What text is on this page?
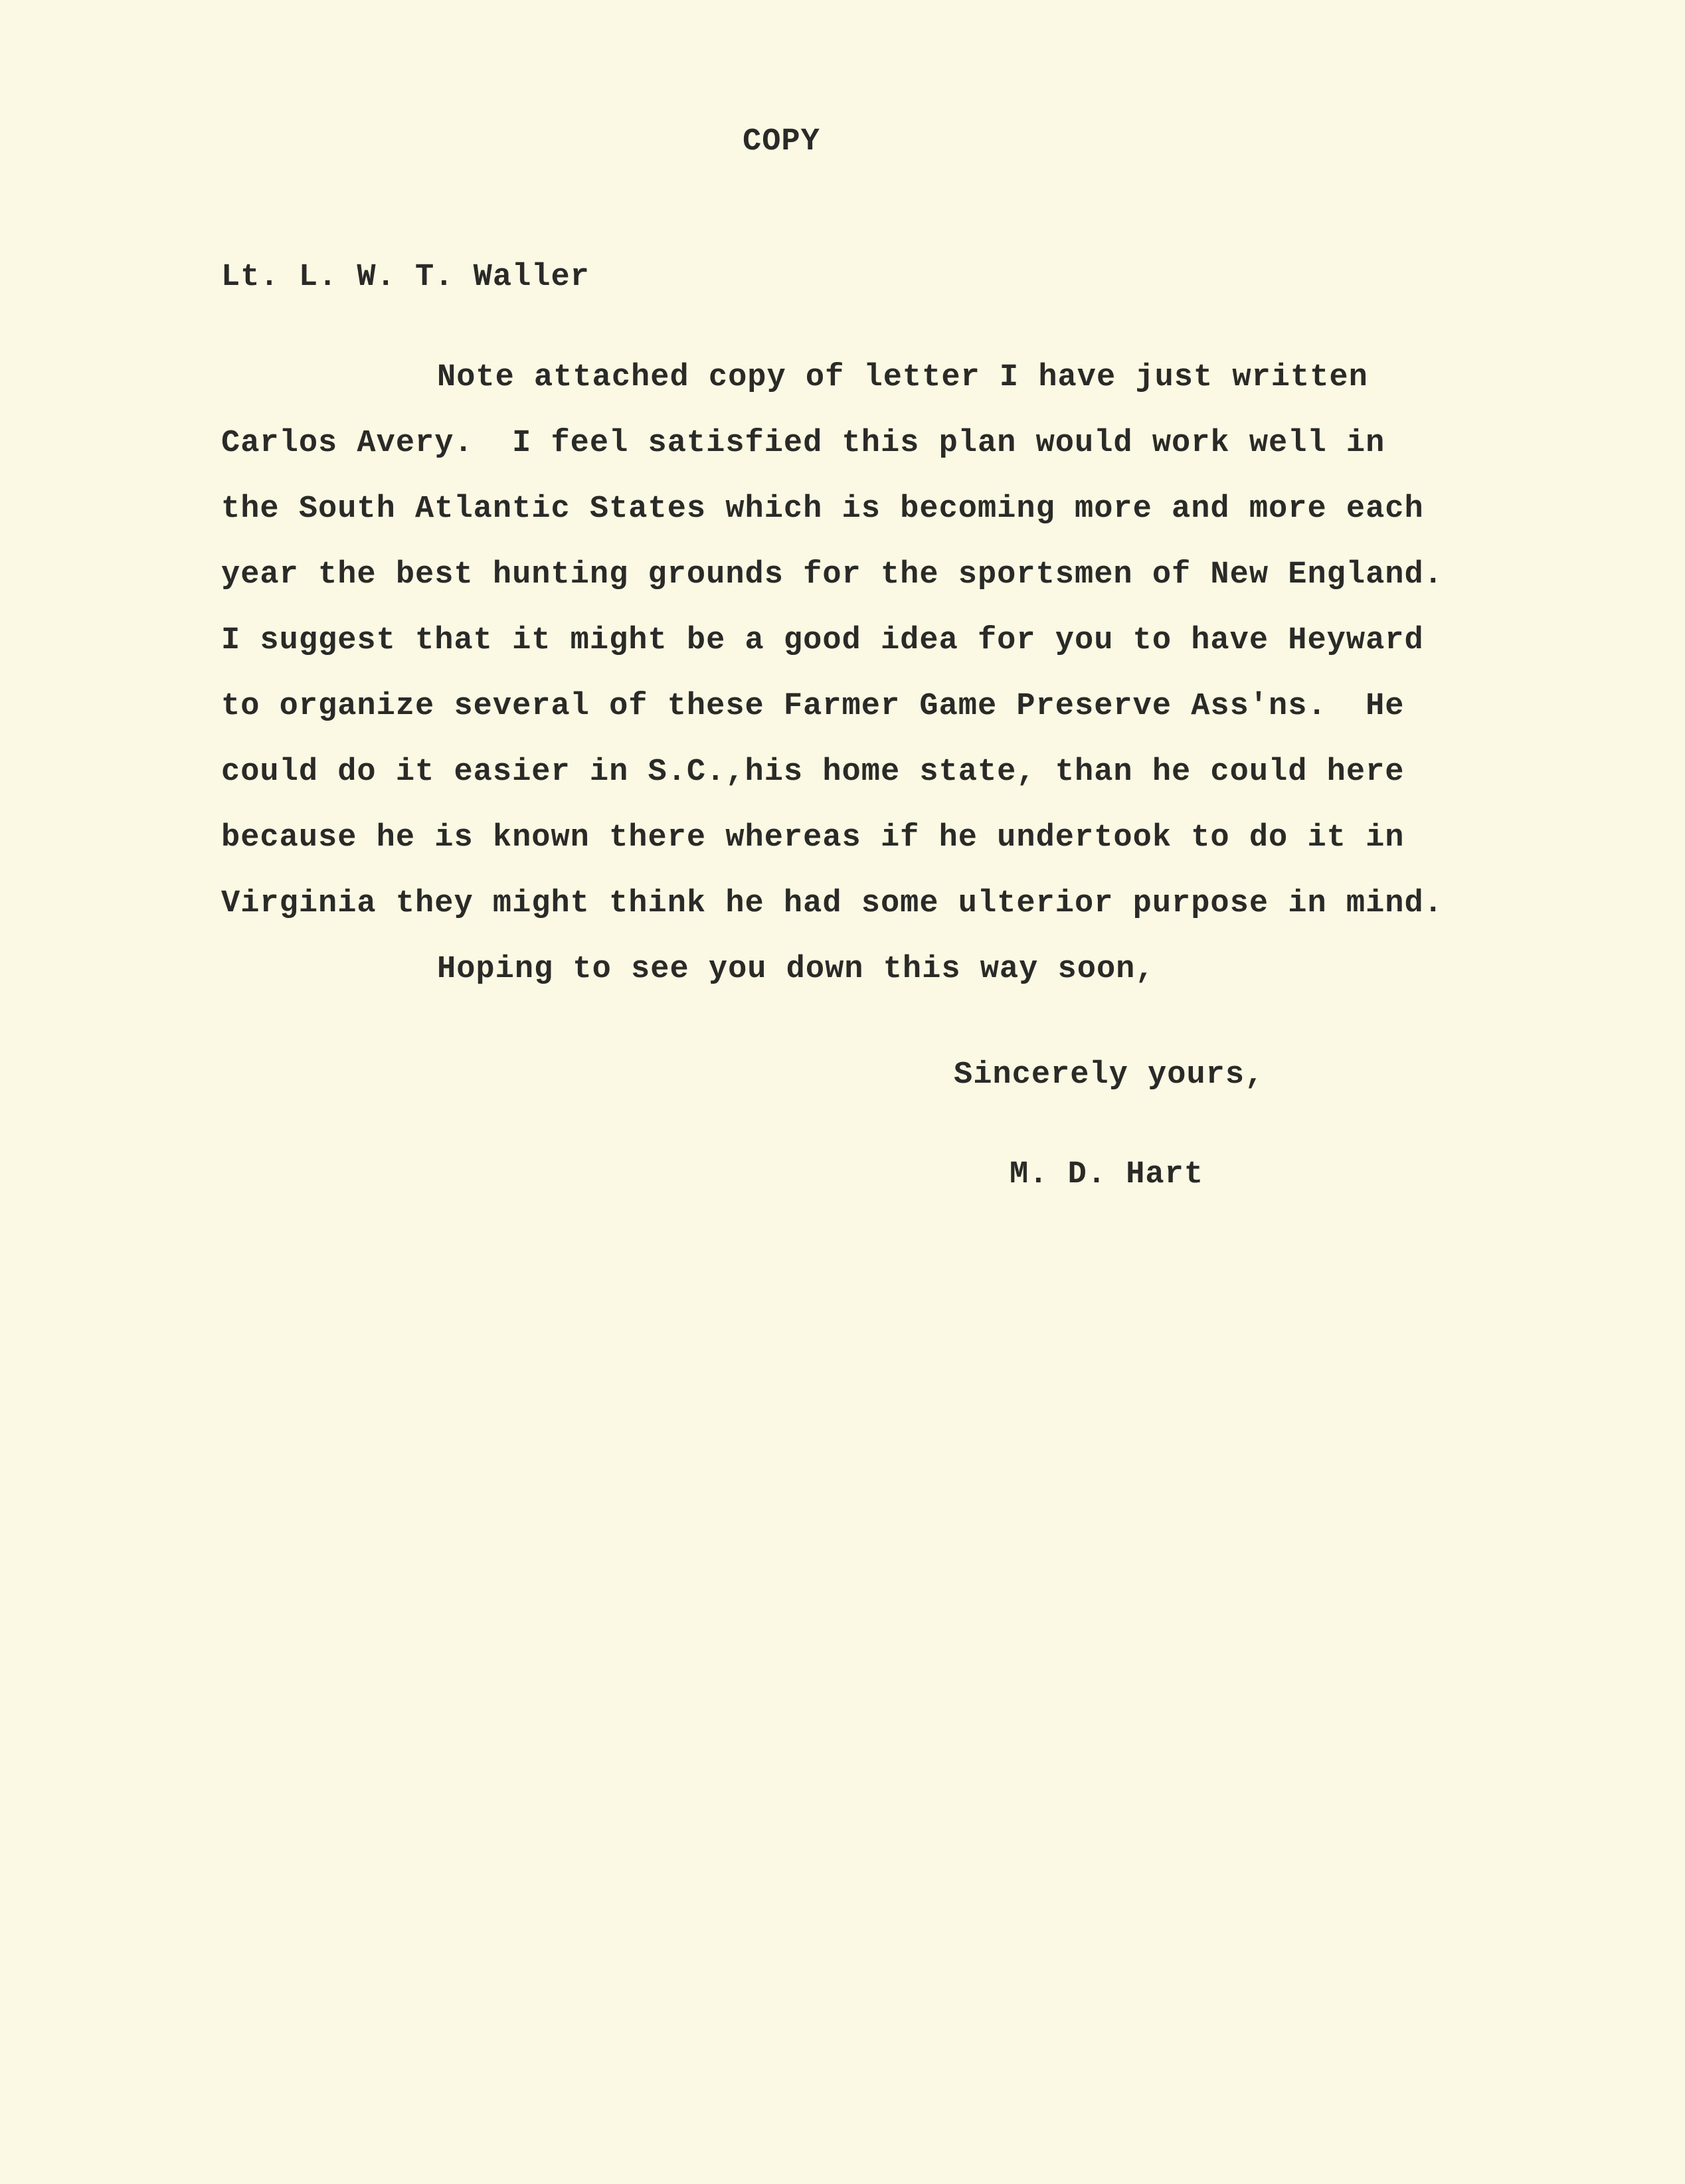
COPY
Lt. L. W. T. Waller
Note attached copy of letter I have just written
Carlos Avery.  I feel satisfied this plan would work well in
the South Atlantic States which is becoming more and more each
year the best hunting grounds for the sportsmen of New England.
I suggest that it might be a good idea for you to have Heyward
to organize several of these Farmer Game Preserve Ass'ns.  He
could do it easier in S.C.,his home state, than he could here
because he is known there whereas if he undertook to do it in
Virginia they might think he had some ulterior purpose in mind.
Hoping to see you down this way soon,
Sincerely yours,
M. D. Hart
